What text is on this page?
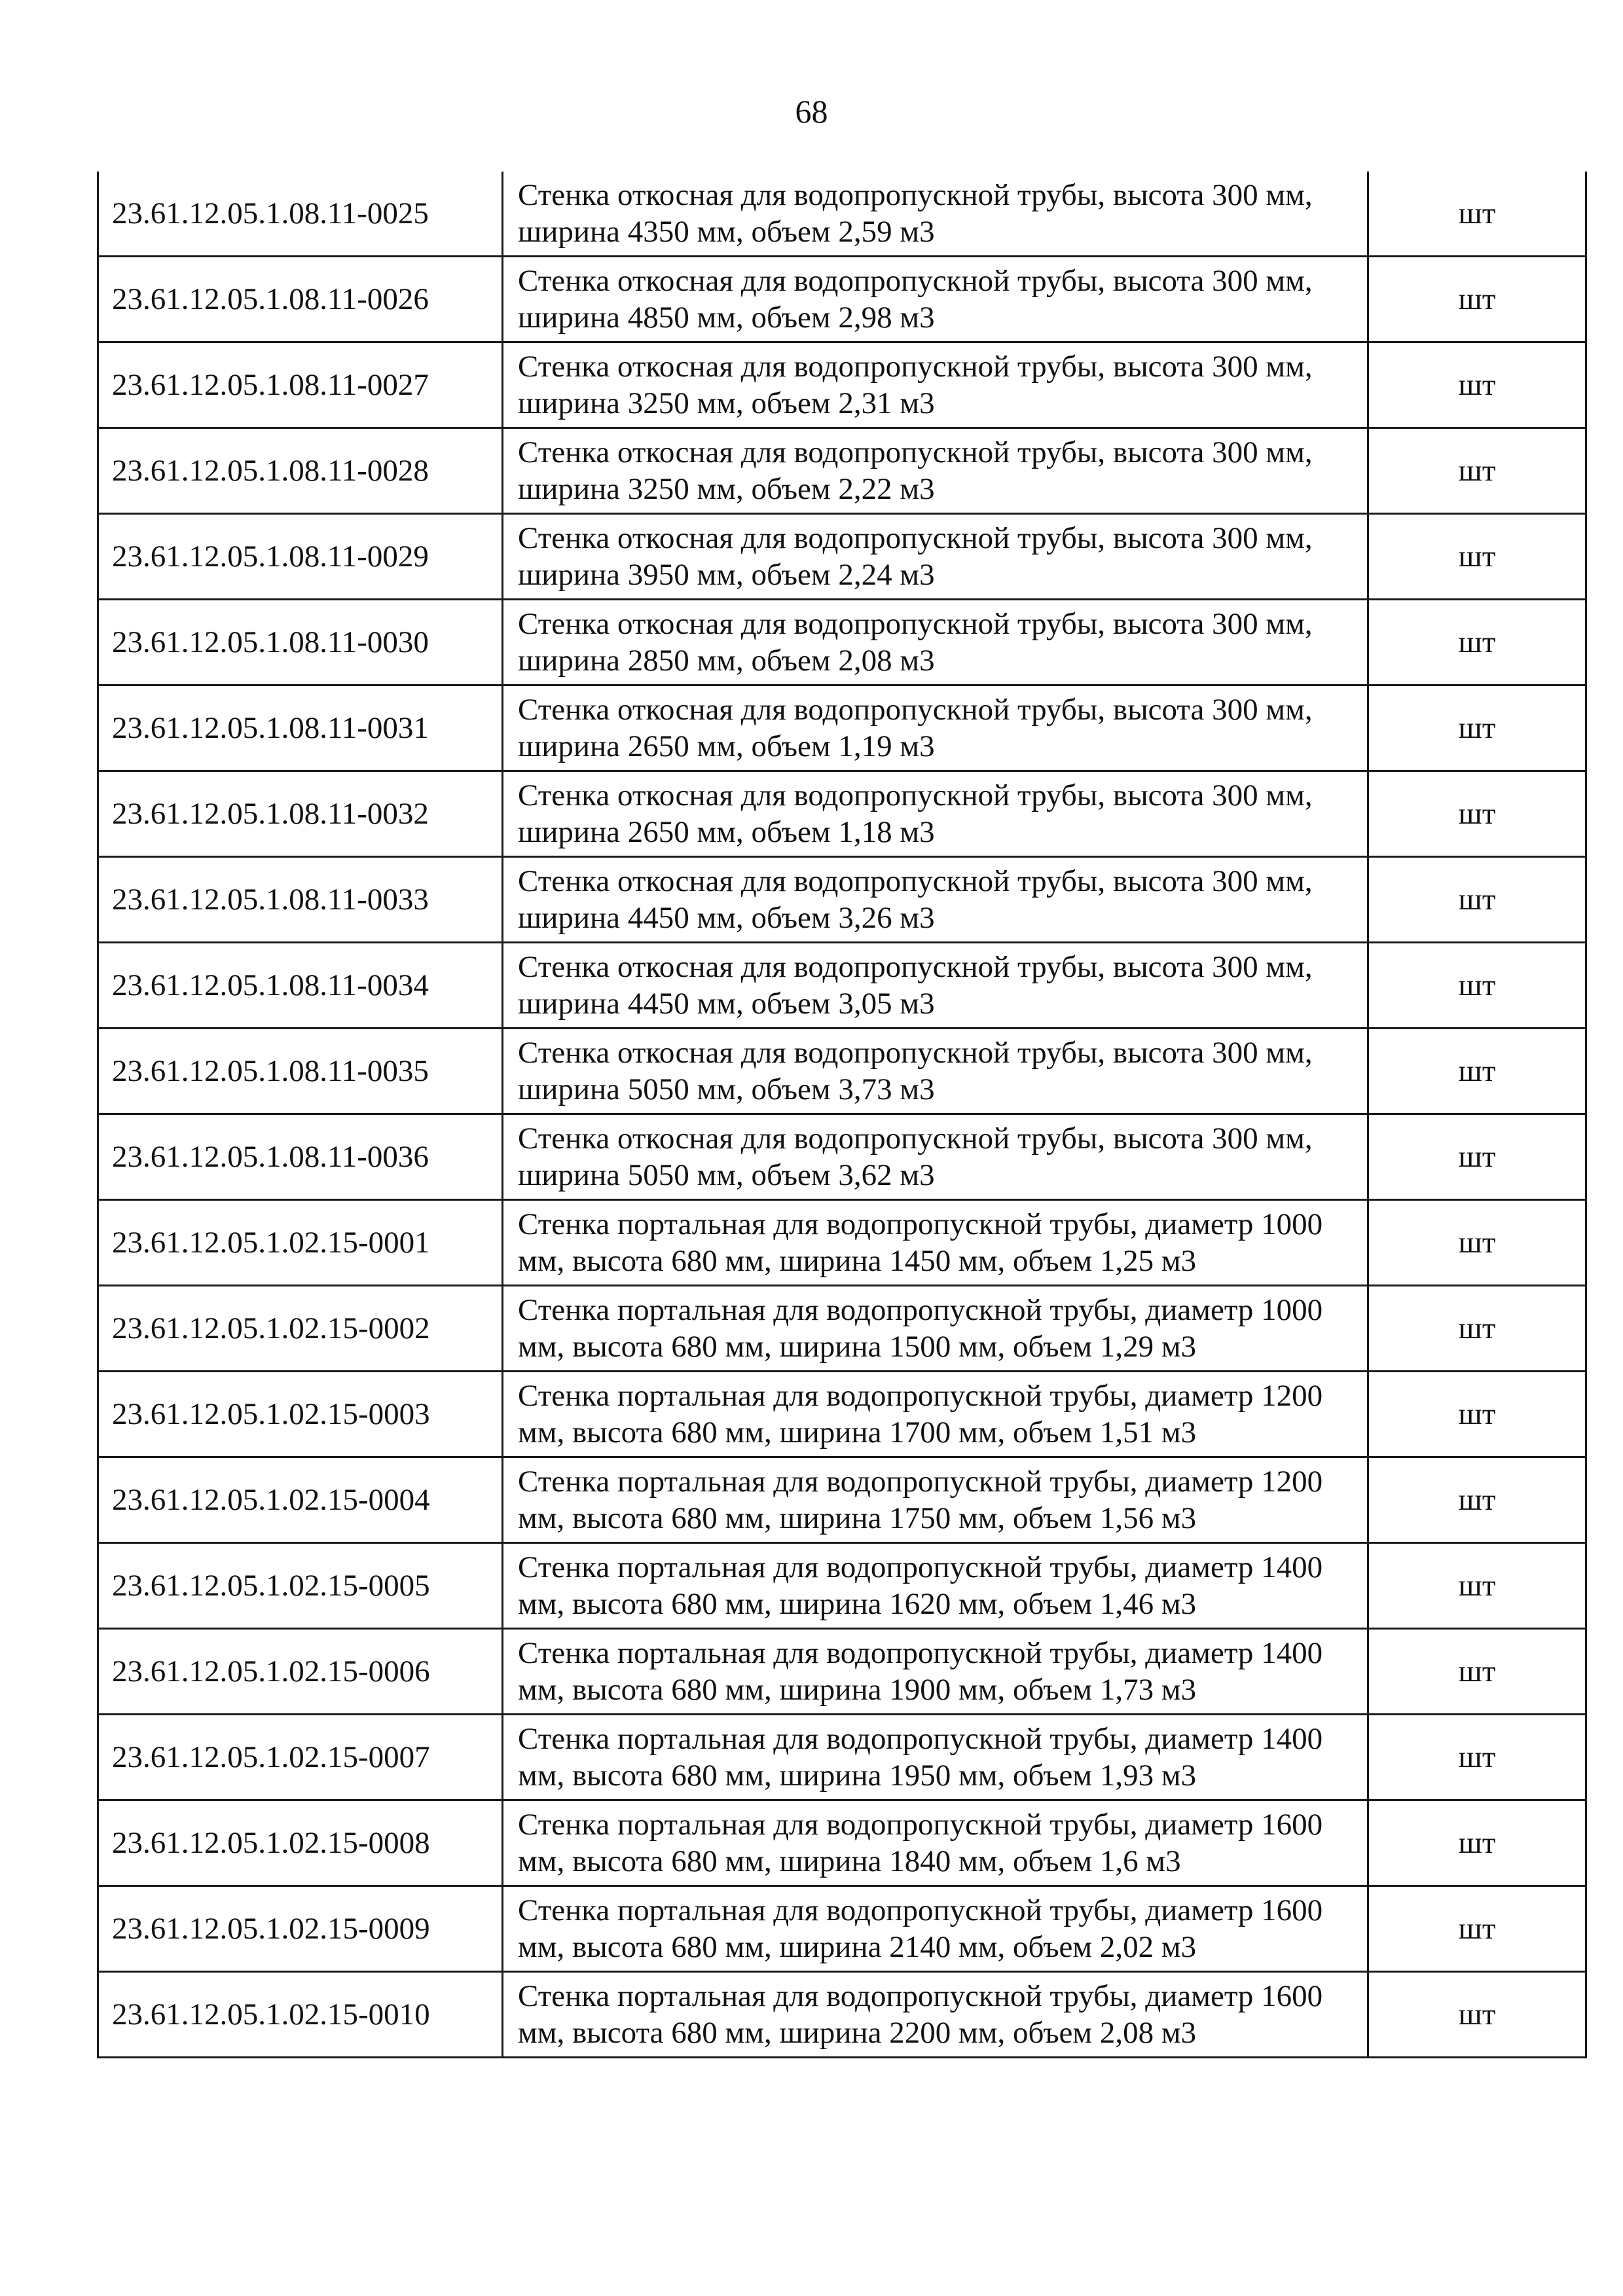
68
23.61.12.05.1.08.11-0025	Стенка откосная для водопропускной трубы, высота 300 мм, ширина 4350 мм, объем 2,59 м3	шт
23.61.12.05.1.08.11-0026	Стенка откосная для водопропускной трубы, высота 300 мм, ширина 4850 мм, объем 2,98 м3	шт
23.61.12.05.1.08.11-0027	Стенка откосная для водопропускной трубы, высота 300 мм, ширина 3250 мм, объем 2,31 м3	шт
23.61.12.05.1.08.11-0028	Стенка откосная для водопропускной трубы, высота 300 мм, ширина 3250 мм, объем 2,22 м3	шт
23.61.12.05.1.08.11-0029	Стенка откосная для водопропускной трубы, высота 300 мм, ширина 3950 мм, объем 2,24 м3	шт
23.61.12.05.1.08.11-0030	Стенка откосная для водопропускной трубы, высота 300 мм, ширина 2850 мм, объем 2,08 м3	шт
23.61.12.05.1.08.11-0031	Стенка откосная для водопропускной трубы, высота 300 мм, ширина 2650 мм, объем 1,19 м3	шт
23.61.12.05.1.08.11-0032	Стенка откосная для водопропускной трубы, высота 300 мм, ширина 2650 мм, объем 1,18 м3	шт
23.61.12.05.1.08.11-0033	Стенка откосная для водопропускной трубы, высота 300 мм, ширина 4450 мм, объем 3,26 м3	шт
23.61.12.05.1.08.11-0034	Стенка откосная для водопропускной трубы, высота 300 мм, ширина 4450 мм, объем 3,05 м3	шт
23.61.12.05.1.08.11-0035	Стенка откосная для водопропускной трубы, высота 300 мм, ширина 5050 мм, объем 3,73 м3	шт
23.61.12.05.1.08.11-0036	Стенка откосная для водопропускной трубы, высота 300 мм, ширина 5050 мм, объем 3,62 м3	шт
23.61.12.05.1.02.15-0001	Стенка портальная для водопропускной трубы, диаметр 1000 мм, высота 680 мм, ширина 1450 мм, объем 1,25 м3	шт
23.61.12.05.1.02.15-0002	Стенка портальная для водопропускной трубы, диаметр 1000 мм, высота 680 мм, ширина 1500 мм, объем 1,29 м3	шт
23.61.12.05.1.02.15-0003	Стенка портальная для водопропускной трубы, диаметр 1200 мм, высота 680 мм, ширина 1700 мм, объем 1,51 м3	шт
23.61.12.05.1.02.15-0004	Стенка портальная для водопропускной трубы, диаметр 1200 мм, высота 680 мм, ширина 1750 мм, объем 1,56 м3	шт
23.61.12.05.1.02.15-0005	Стенка портальная для водопропускной трубы, диаметр 1400 мм, высота 680 мм, ширина 1620 мм, объем 1,46 м3	шт
23.61.12.05.1.02.15-0006	Стенка портальная для водопропускной трубы, диаметр 1400 мм, высота 680 мм, ширина 1900 мм, объем 1,73 м3	шт
23.61.12.05.1.02.15-0007	Стенка портальная для водопропускной трубы, диаметр 1400 мм, высота 680 мм, ширина 1950 мм, объем 1,93 м3	шт
23.61.12.05.1.02.15-0008	Стенка портальная для водопропускной трубы, диаметр 1600 мм, высота 680 мм, ширина 1840 мм, объем 1,6 м3	шт
23.61.12.05.1.02.15-0009	Стенка портальная для водопропускной трубы, диаметр 1600 мм, высота 680 мм, ширина 2140 мм, объем 2,02 м3	шт
23.61.12.05.1.02.15-0010	Стенка портальная для водопропускной трубы, диаметр 1600 мм, высота 680 мм, ширина 2200 мм, объем 2,08 м3	шт
